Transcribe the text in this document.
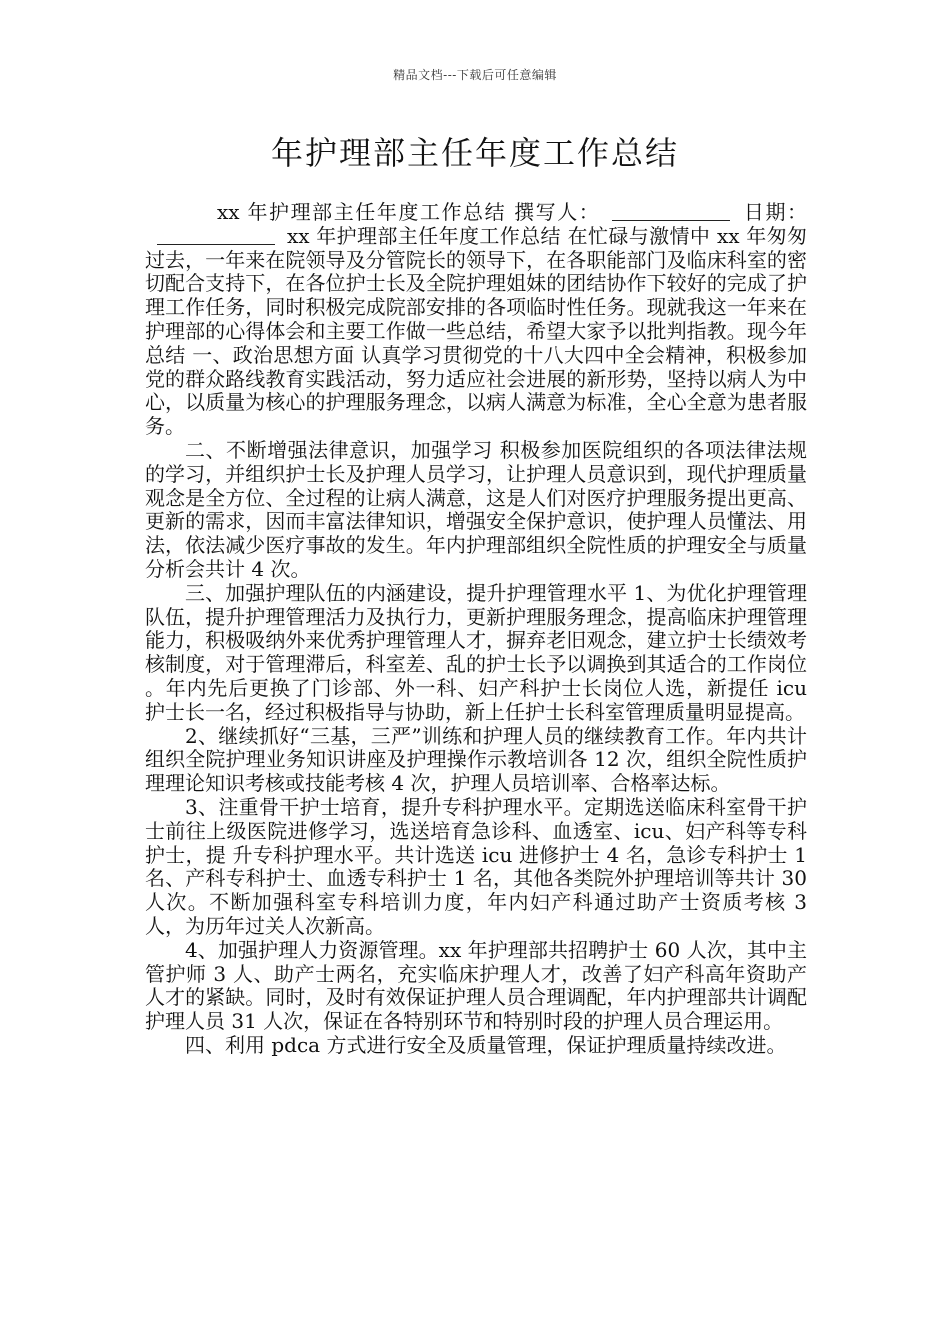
精品文档---下载后可任意编辑
年护理部主任年度工作总结

xx 年护理部主任年度工作总结 撰写人：	日期：xx 年护理部主任年度工作总结 在忙碌与激情中 xx 年匆匆过去，一年来在院领导及分管院长的领导下，在各职能部门及临床科室的密切配合支持下，在各位护士长及全院护理姐妹的团结协作下较好的完成了护理工作任务，同时积极完成院部安排的各项临时性任务。现就我这一年来在护理部的心得体会和主要工作做一些总结，希望大家予以批判指教。现今年总结 一、政治思想方面 认真学习贯彻党的十八大四中全会精神，积极参加党的群众路线教育实践活动，努力适应社会进展的新形势，坚持以病人为中心，以质量为核心的护理服务理念，以病人满意为标准，全心全意为患者服务。

二、不断增强法律意识，加强学习 积极参加医院组织的各项法律法规的学习，并组织护士长及护理人员学习，让护理人员意识到，现代护理质量观念是全方位、全过程的让病人满意，这是人们对医疗护理服务提出更高、更新的需求，因而丰富法律知识，增强安全保护意识，使护理人员懂法、用法，依法减少医疗事故的发生。年内护理部组织全院性质的护理安全与质量分析会共计 4 次。

三、加强护理队伍的内涵建设，提升护理管理水平 1、为优化护理管理队伍，提升护理管理活力及执行力，更新护理服务理念，提高临床护理管理能力，积极吸纳外来优秀护理管理人才，摒弃老旧观念，建立护士长绩效考核制度，对于管理滞后，科室差、乱的护士长予以调换到其适合的工作岗位 。年内先后更换了门诊部、外一科、妇产科护士长岗位人选，新提任 icu 护士长一名，经过积极指导与协助，新上任护士长科室管理质量明显提高。

2、继续抓好“三基，三严”训练和护理人员的继续教育工作。年内共计组织全院护理业务知识讲座及护理操作示教培训各 12 次，组织全院性质护理理论知识考核或技能考核 4 次，护理人员培训率、合格率达标。

3、注重骨干护士培育，提升专科护理水平。定期选送临床科室骨干护士前往上级医院进修学习，选送培育急诊科、血透室、icu、妇产科等专科护士，提 升专科护理水平。共计选送 icu 进修护士 4 名，急诊专科护士 1 名、产科专科护士、血透专科护士 1 名，其他各类院外护理培训等共计 30 人次。不断加强科室专科培训力度，年内妇产科通过助产士资质考核 3 人，为历年过关人次新高。

4、加强护理人力资源管理。xx 年护理部共招聘护士 60 人次，其中主管护师 3 人、助产士两名，充实临床护理人才，改善了妇产科高年资助产人才的紧缺。同时，及时有效保证护理人员合理调配，年内护理部共计调配护理人员 31 人次，保证在各特别环节和特别时段的护理人员合理运用。

四、利用 pdca 方式进行安全及质量管理，保证护理质量持续改进。
